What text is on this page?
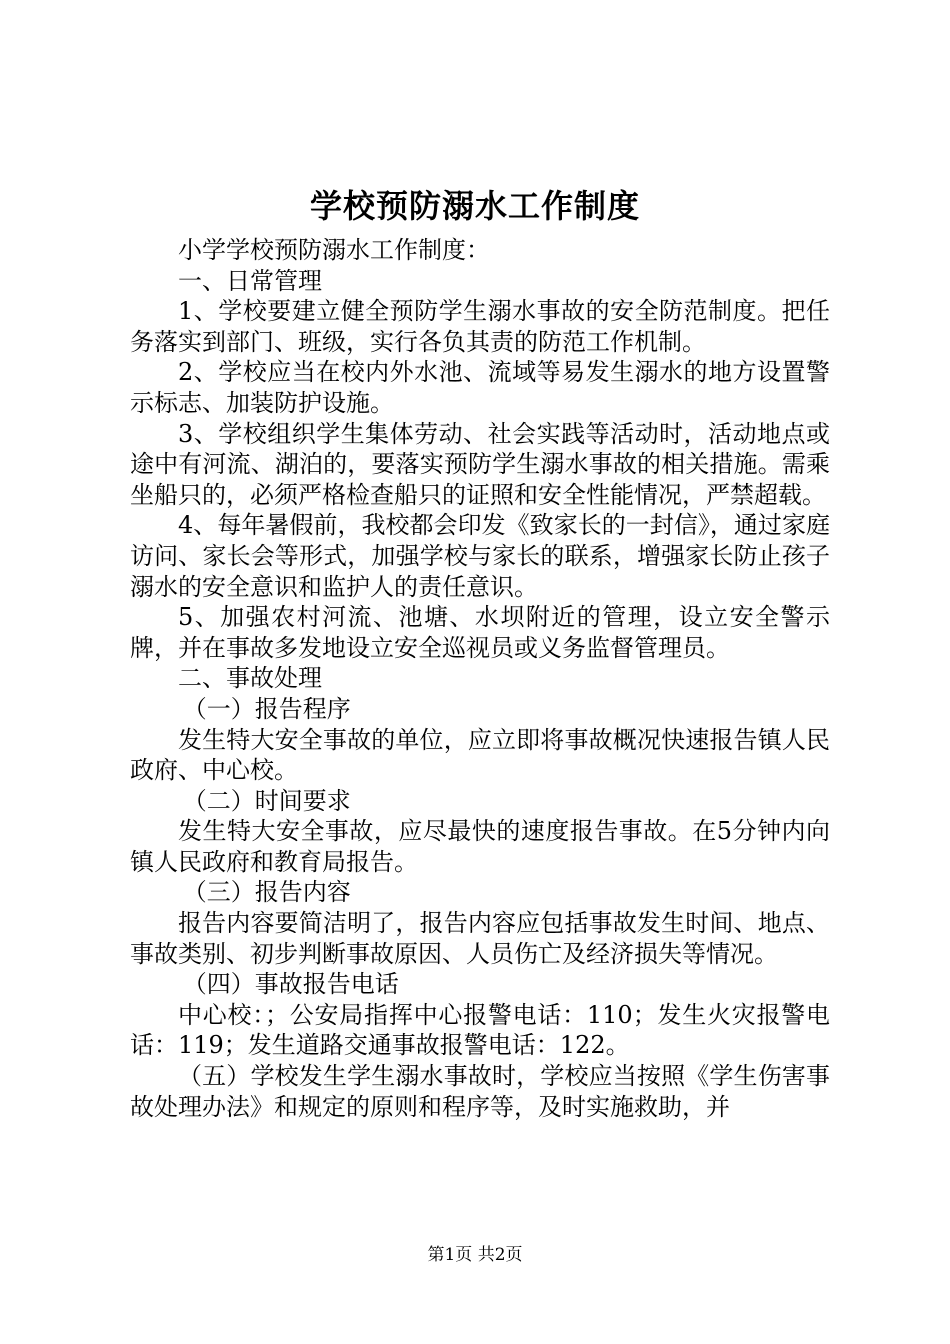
学校预防溺水工作制度

小学学校预防溺水工作制度：

一、日常管理

1、学校要建立健全预防学生溺水事故的安全防范制度。把任务落实到部门、班级，实行各负其责的防范工作机制。

2、学校应当在校内外水池、流域等易发生溺水的地方设置警示标志、加装防护设施。

3、学校组织学生集体劳动、社会实践等活动时，活动地点或途中有河流、湖泊的，要落实预防学生溺水事故的相关措施。需乘坐船只的，必须严格检查船只的证照和安全性能情况，严禁超载。

4、每年暑假前，我校都会印发《致家长的一封信》，通过家庭访问、家长会等形式，加强学校与家长的联系，增强家长防止孩子溺水的安全意识和监护人的责任意识。

5、加强农村河流、池塘、水坝附近的管理，设立安全警示牌，并在事故多发地设立安全巡视员或义务监督管理员。

二、事故处理

（一）报告程序

发生特大安全事故的单位，应立即将事故概况快速报告镇人民政府、中心校。

（二）时间要求

发生特大安全事故，应尽最快的速度报告事故。在5分钟内向镇人民政府和教育局报告。

（三）报告内容

报告内容要简洁明了，报告内容应包括事故发生时间、地点、事故类别、初步判断事故原因、人员伤亡及经济损失等情况。

（四）事故报告电话

中心校：；公安局指挥中心报警电话：110；发生火灾报警电话：119；发生道路交通事故报警电话：122。

（五）学校发生学生溺水事故时，学校应当按照《学生伤害事故处理办法》和规定的原则和程序等，及时实施救助，并

第1页 共2页
